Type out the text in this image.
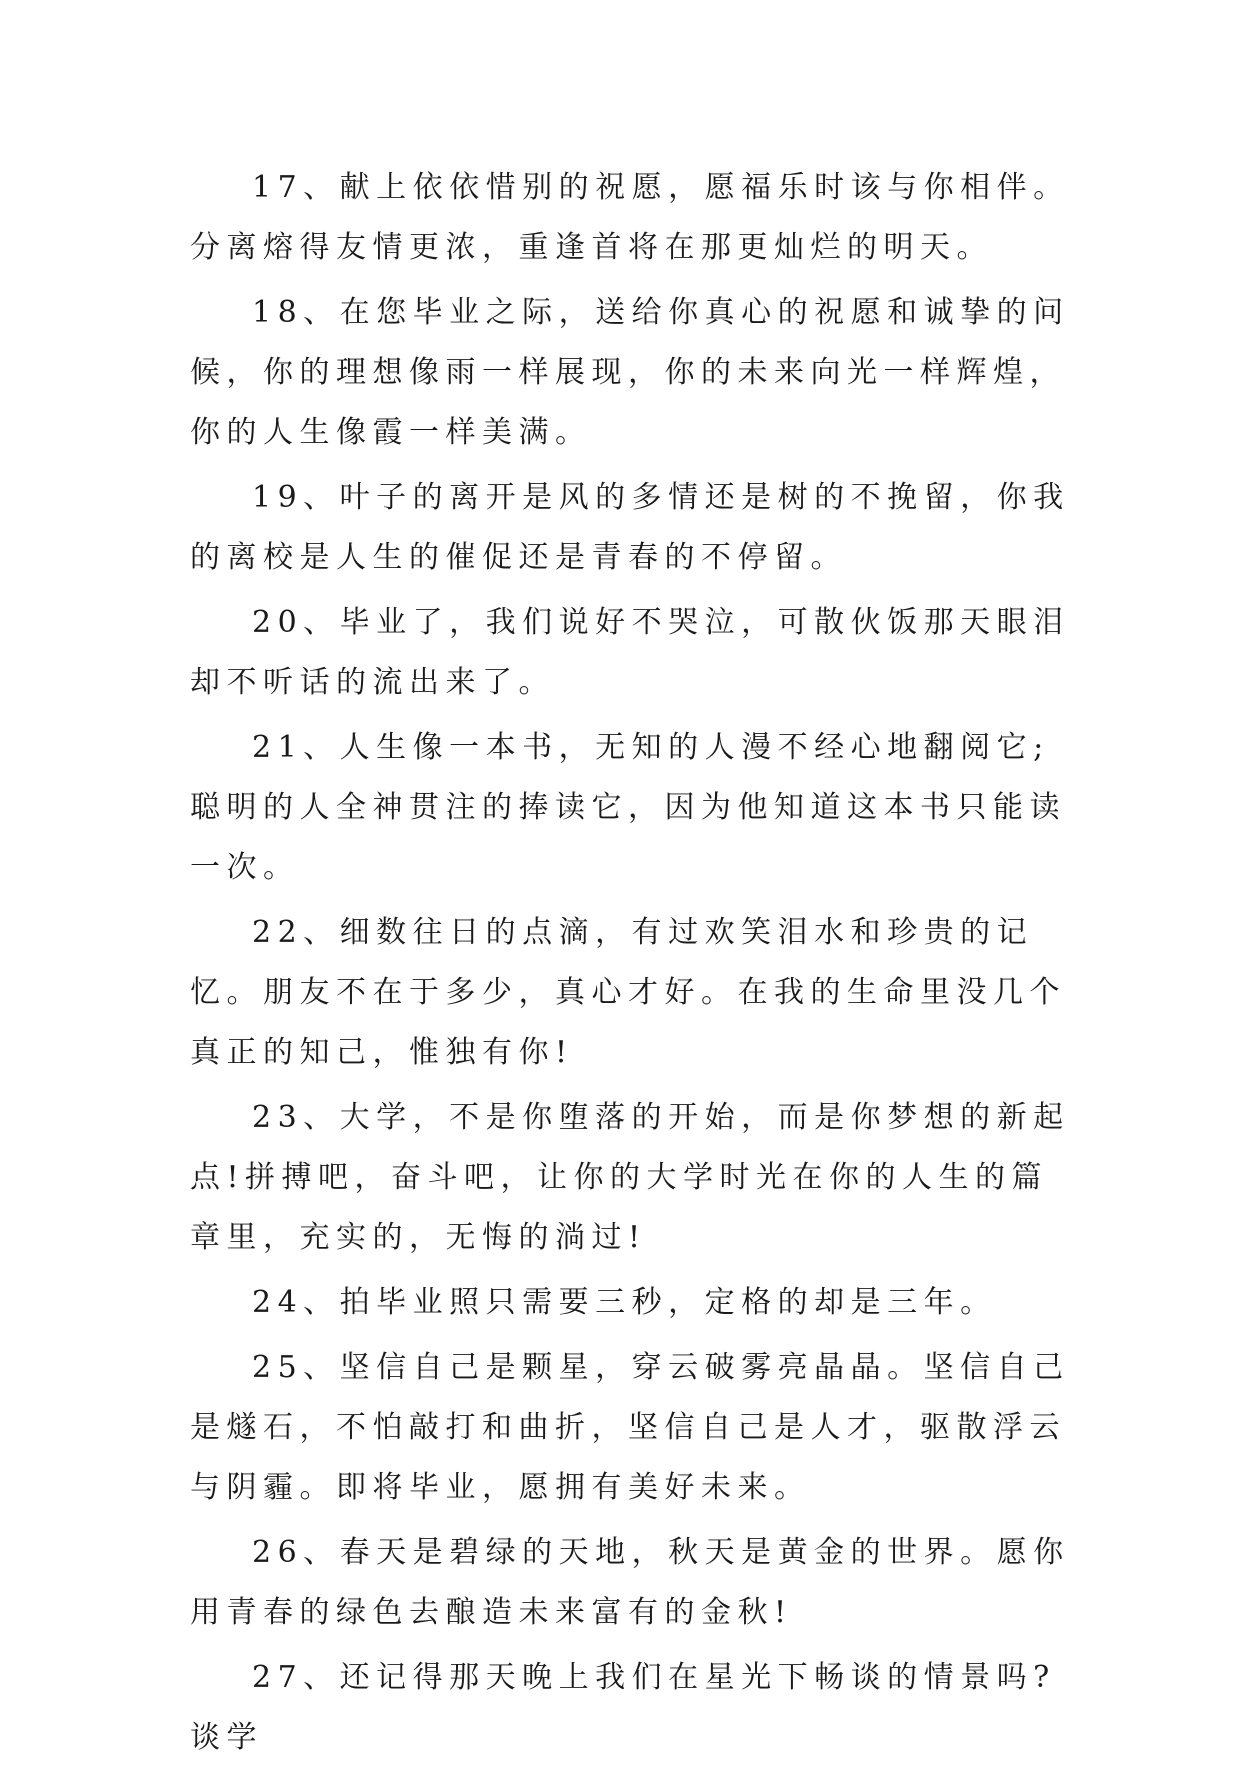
17、献上依依惜别的祝愿，愿福乐时该与你相伴。分离熔得友情更浓，重逢首将在那更灿烂的明天。

18、在您毕业之际，送给你真心的祝愿和诚挚的问候，你的理想像雨一样展现，你的未来向光一样辉煌，你的人生像霞一样美满。

19、叶子的离开是风的多情还是树的不挽留，你我的离校是人生的催促还是青春的不停留。

20、毕业了，我们说好不哭泣，可散伙饭那天眼泪却不听话的流出来了。

21、人生像一本书，无知的人漫不经心地翻阅它;聪明的人全神贯注的捧读它，因为他知道这本书只能读一次。

22、细数往日的点滴，有过欢笑泪水和珍贵的记忆。朋友不在于多少，真心才好。在我的生命里没几个真正的知己，惟独有你!

23、大学，不是你堕落的开始，而是你梦想的新起点!拼搏吧，奋斗吧，让你的大学时光在你的人生的篇章里，充实的，无悔的淌过!

24、拍毕业照只需要三秒，定格的却是三年。

25、坚信自己是颗星，穿云破雾亮晶晶。坚信自己是燧石，不怕敲打和曲折，坚信自己是人才，驱散浮云与阴霾。即将毕业，愿拥有美好未来。

26、春天是碧绿的天地，秋天是黄金的世界。愿你用青春的绿色去酿造未来富有的金秋!

27、还记得那天晚上我们在星光下畅谈的情景吗?谈学
